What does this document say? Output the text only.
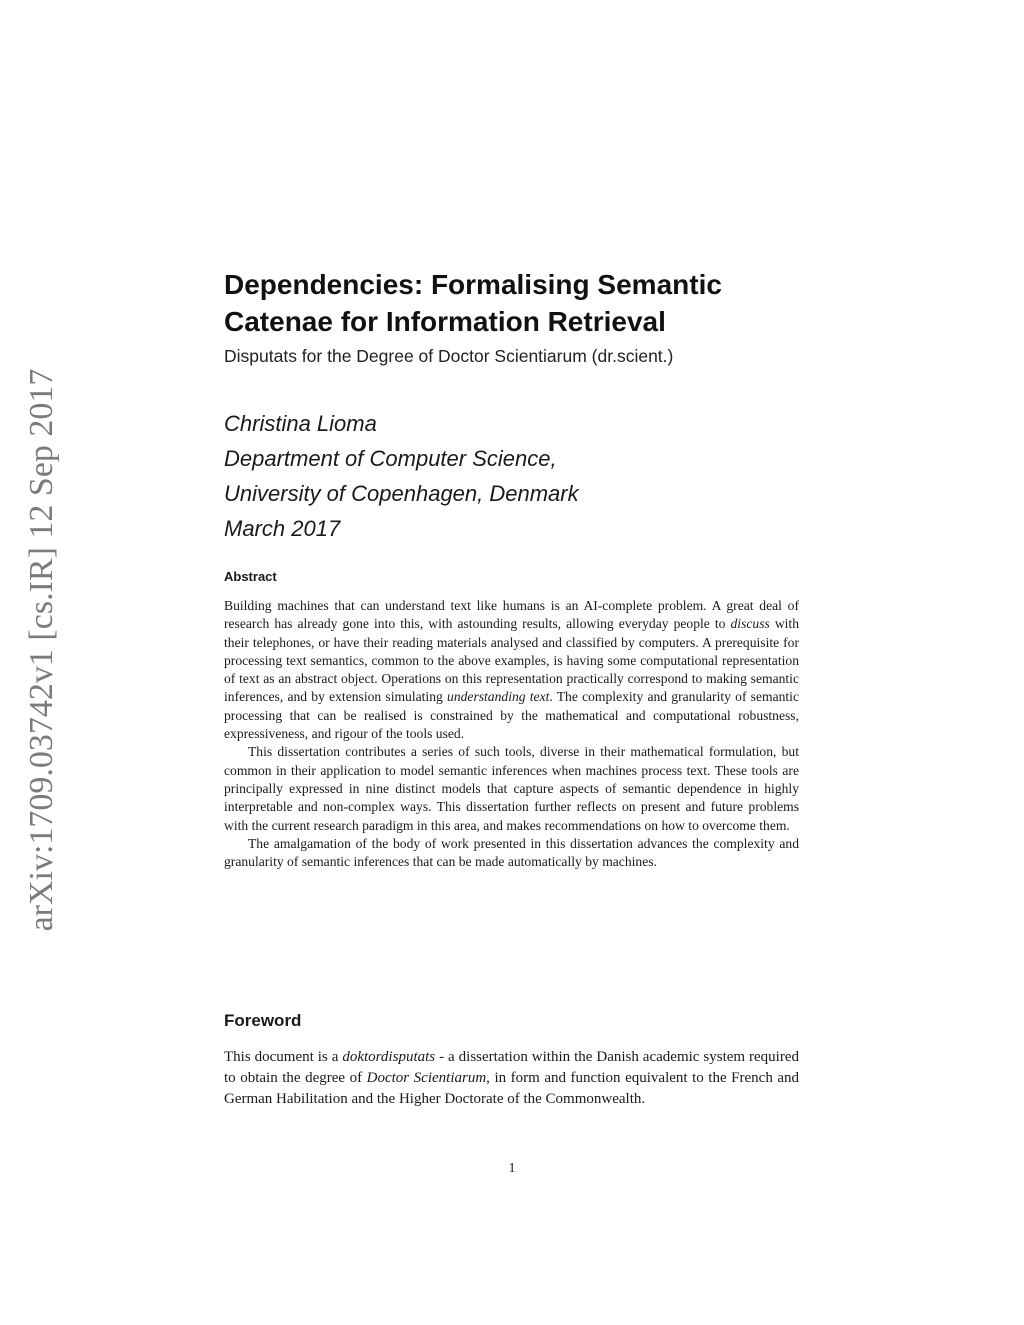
arXiv:1709.03742v1 [cs.IR] 12 Sep 2017
Dependencies: Formalising Semantic
Catenae for Information Retrieval
Disputats for the Degree of Doctor Scientiarum (dr.scient.)
Christina Lioma
Department of Computer Science,
University of Copenhagen, Denmark
March 2017
Abstract

Building machines that can understand text like humans is an AI-complete problem. A great deal of research has already gone into this, with astounding results, allowing everyday people to discuss with their telephones, or have their reading materials analysed and classified by computers. A prerequisite for processing text semantics, common to the above examples, is having some computational representation of text as an abstract object. Operations on this representation practically correspond to making semantic inferences, and by extension simulating understanding text. The complexity and granularity of semantic processing that can be realised is constrained by the mathematical and computational robustness, expressiveness, and rigour of the tools used.

This dissertation contributes a series of such tools, diverse in their mathematical formulation, but common in their application to model semantic inferences when machines process text. These tools are principally expressed in nine distinct models that capture aspects of semantic dependence in highly interpretable and non-complex ways. This dissertation further reflects on present and future problems with the current research paradigm in this area, and makes recommendations on how to overcome them.

The amalgamation of the body of work presented in this dissertation advances the complexity and granularity of semantic inferences that can be made automatically by machines.

Foreword

This document is a doktordisputats - a dissertation within the Danish academic system required to obtain the degree of Doctor Scientiarum, in form and function equivalent to the French and German Habilitation and the Higher Doctorate of the Commonwealth.

1
